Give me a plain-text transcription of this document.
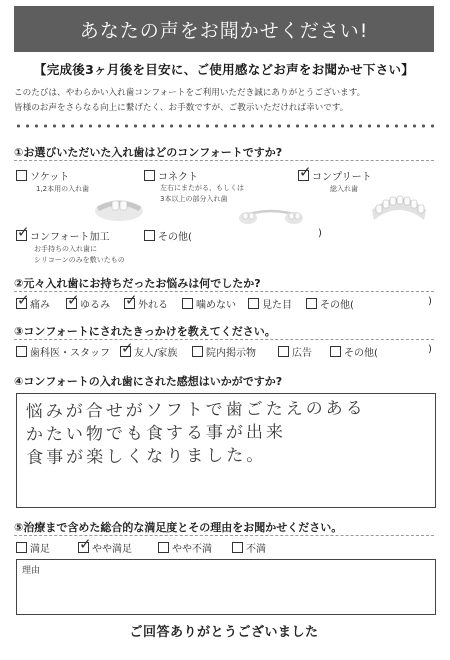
あなたの声をお聞かせください!
【完成後3ヶ月後を目安に、ご使用感などお声をお聞かせ下さい】
このたびは、やわらかい入れ歯コンフォートをご利用いただき誠にありがとうございます。
皆様のお声をさらなる向上に繋げたく、お手数ですが、ご教示いただければ幸いです。
①お選びいただいた入れ歯はどのコンフォートですか?
ソケット
1,2本用の入れ歯
コネクト
左右にまたがる、もしくは
3本以上の部分入れ歯
✓
コンプリート
総入れ歯
✓
コンフォート加工
お手持ちの入れ歯に
シリコーンのみを敷いたもの
その他(	)
②元々入れ歯にお持ちだったお悩みは何でしたか?
✓
痛み ✓	ゆるみ ✓	外れる	噛めない	見た目	その他(	)
③コンフォートにされたきっかけを教えてください。
歯科医・スタッフ ✓ 友人/家族	院内掲示物	広告	その他(	)
④コンフォートの入れ歯にされた感想はいかがですか?
悩みが合せがソフトで歯ごたえのある
かたい物でも食する事が出来
食事が楽しくなりました。
⑤治療まで含めた総合的な満足度とその理由をお聞かせください。
満足 ✓	やや満足	やや不満	不満
理由
ご回答ありがとうございました
